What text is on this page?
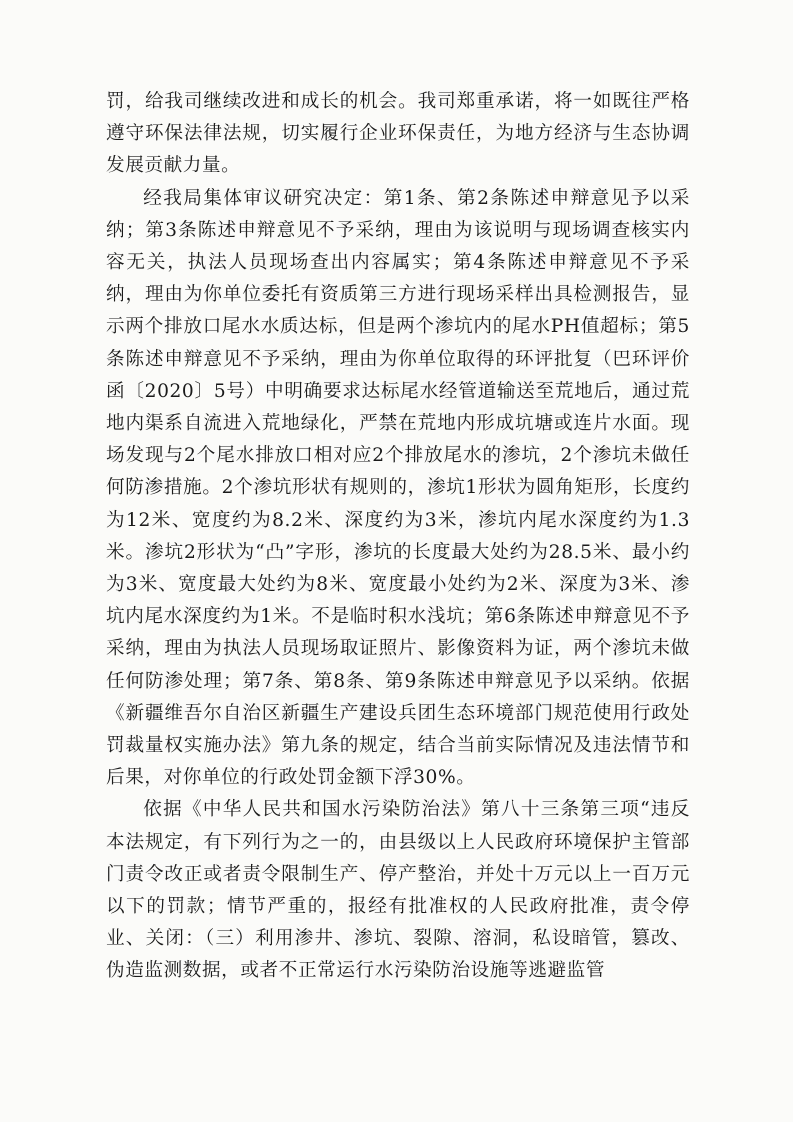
罚，给我司继续改进和成长的机会。我司郑重承诺，将一如既往严格遵守环保法律法规，切实履行企业环保责任，为地方经济与生态协调发展贡献力量。

经我局集体审议研究决定：第1条、第2条陈述申辩意见予以采纳；第3条陈述申辩意见不予采纳，理由为该说明与现场调查核实内容无关，执法人员现场查出内容属实；第4条陈述申辩意见不予采纳，理由为你单位委托有资质第三方进行现场采样出具检测报告，显示两个排放口尾水水质达标，但是两个渗坑内的尾水PH值超标；第5条陈述申辩意见不予采纳，理由为你单位取得的环评批复（巴环评价函〔2020〕5号）中明确要求达标尾水经管道输送至荒地后，通过荒地内渠系自流进入荒地绿化，严禁在荒地内形成坑塘或连片水面。现场发现与2个尾水排放口相对应2个排放尾水的渗坑，2个渗坑未做任何防渗措施。2个渗坑形状有规则的，渗坑1形状为圆角矩形，长度约为12米、宽度约为8.2米、深度约为3米，渗坑内尾水深度约为1.3米。渗坑2形状为“凸”字形，渗坑的长度最大处约为28.5米、最小约为3米、宽度最大处约为8米、宽度最小处约为2米、深度为3米、渗坑内尾水深度约为1米。不是临时积水浅坑；第6条陈述申辩意见不予采纳，理由为执法人员现场取证照片、影像资料为证，两个渗坑未做任何防渗处理；第7条、第8条、第9条陈述申辩意见予以采纳。依据《新疆维吾尔自治区新疆生产建设兵团生态环境部门规范使用行政处罚裁量权实施办法》第九条的规定，结合当前实际情况及违法情节和后果，对你单位的行政处罚金额下浮30%。

依据《中华人民共和国水污染防治法》第八十三条第三项“违反本法规定，有下列行为之一的，由县级以上人民政府环境保护主管部门责令改正或者责令限制生产、停产整治，并处十万元以上一百万元以下的罚款；情节严重的，报经有批准权的人民政府批准，责令停业、关闭：（三）利用渗井、渗坑、裂隙、溶洞，私设暗管，篡改、伪造监测数据，或者不正常运行水污染防治设施等逃避监管
